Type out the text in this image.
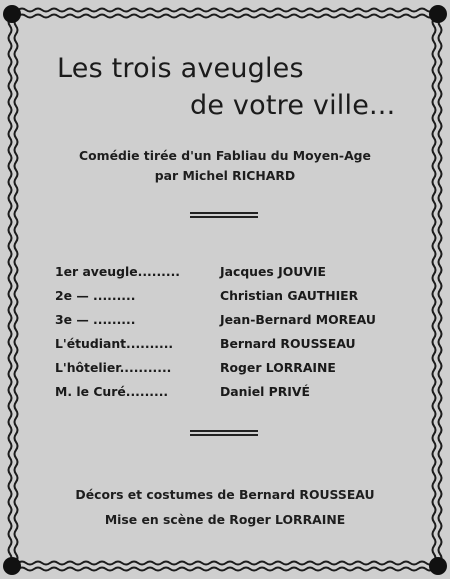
Les trois aveugles
de votre ville...
Comédie tirée d'un Fabliau du Moyen-Age
par Michel RICHARD
1er aveugle.........	Jacques JOUVIE
2e — .........	Christian GAUTHIER
3e — .........	Jean-Bernard MOREAU
L'étudiant..........	Bernard ROUSSEAU
L'hôtelier...........	Roger LORRAINE
M. le Curé.........	Daniel PRIVÉ
Décors et costumes de Bernard ROUSSEAU
Mise en scène de Roger LORRAINE
